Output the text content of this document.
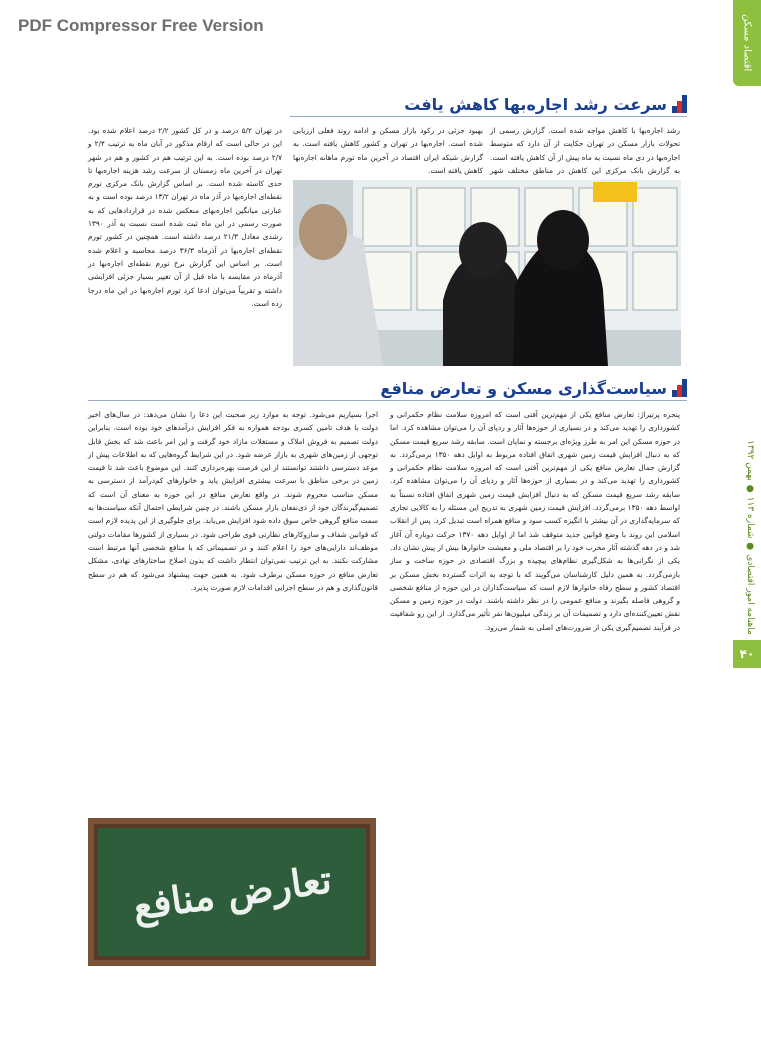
PDF Compressor Free Version	اقتصاد مسکن
ماهنامه امور اقتصادی ● شماره ۱۱۳ ● بهمن ۱۳۹۲
۴۰
سرعت رشد اجاره‌بها کاهش یافت

رشد اجاره‌بها با کاهش مواجه شده است. گزارش رسمی از تحولات بازار مسکن در تهران حکایت از آن دارد که متوسط اجاره‌بها در دی ماه نسبت به ماه پیش از آن کاهش یافته است. به گزارش بانک مرکزی این کاهش در مناطق مختلف شهر

بهبود جزئی در رکود بازار مسکن و ادامه روند فعلی ارزیابی شده است. اجاره‌بها در تهران و کشور کاهش یافته است. به گزارش شبکه ایران اقتصاد در آخرین ماه تورم ماهانه اجاره‌بها کاهش یافته است.

در تهران ۵/۲ درصد و در کل کشور ۲/۲ درصد اعلام شده بود. این در حالی است که ارقام مذکور در آبان ماه به ترتیب ۲/۴ و ۲/۷ درصد بوده است. به این ترتیب هم در کشور و هم در شهر تهران در آخرین ماه زمستان از سرعت رشد هزینه اجاره‌بها تا حدی کاسته شده است. بر اساس گزارش بانک مرکزی تورم نقطه‌ای اجاره‌بها در آذر ماه در تهران ۱۳/۲ درصد بوده است و به عبارتی میانگین اجاره‌بهای منعکس شده در قراردادهایی که به صورت رسمی در این ماه ثبت شده است نسبت به آذر ۱۳۹۰ رشدی معادل ۲۱/۳ درصد داشته است. همچنین در کشور تورم نقطه‌ای اجاره‌بها در آذرماه ۳۶/۳ درصد محاسبه و اعلام شده است. بر اساس این گزارش نرخ تورم نقطه‌ای اجاره‌بها در آذرماه در مقایسه با ماه قبل از آن تغییر بسیار جزئی افزایشی داشته و تقریباً می‌توان ادعا کرد تورم اجاره‌بها در این ماه درجا زده است.

سیاست‌گذاری مسکن و تعارض منافع

پنجره پرتیراژ: تعارض منافع یکی از مهم‌ترین آفتی است که امروزه سلامت نظام حکمرانی و کشورداری را تهدید می‌کند و در بسیاری از حوزه‌ها آثار و ردپای آن را می‌توان مشاهده کرد. اما در حوزه مسکن این امر به طرز ویژه‌ای برجسته و نمایان است. سابقه رشد سریع قیمت مسکن که به دنبال افزایش قیمت زمین شهری اتفاق افتاده مربوط به اوایل دهه ۱۳۵۰ برمی‌گردد. به گزارش جمال تعارض منافع یکی از مهم‌ترین آفتی است که امروزه سلامت نظام حکمرانی و کشورداری را تهدید می‌کند و در بسیاری از حوزه‌ها آثار و ردپای آن را می‌توان مشاهده کرد. سابقه رشد سریع قیمت مسکن که به دنبال افزایش قیمت زمین شهری اتفاق افتاده نسبتاً به اواسط دهه ۱۳۵۰ برمی‌گردد. افزایش قیمت زمین شهری به تدریج این مسئله را به کالایی تجاری که سرمایه‌گذاری در آن بیشتر با انگیزه کسب سود و منافع همراه است تبدیل کرد. پس از انقلاب اسلامی این روند با وضع قوانین جدید متوقف شد اما از اوایل دهه ۱۳۷۰ حرکت دوباره آن آغاز شد و در دهه گذشته آثار مخرب خود را بر اقتصاد ملی و معیشت خانوارها بیش از پیش نشان داد. یکی از نگرانی‌ها به شکل‌گیری نظام‌های پیچیده و بزرگ اقتصادی در حوزه ساخت و ساز بازمی‌گردد. به همین دلیل کارشناسان می‌گویند که با توجه به اثرات گسترده بخش مسکن بر اقتصاد کشور و سطح رفاه خانوارها لازم است که سیاست‌گذاران در این حوزه از منافع شخصی و گروهی فاصله بگیرند و منافع عمومی را در نظر داشته باشند. دولت در حوزه زمین و مسکن نقش تعیین‌کننده‌ای دارد و تصمیمات آن بر زندگی میلیون‌ها نفر تأثیر می‌گذارد. از این رو شفافیت در فرآیند تصمیم‌گیری یکی از ضرورت‌های اصلی به شمار می‌رود.

اجرا بسپاریم می‌شود. توجه به موارد زیر صحبت این دعا را نشان می‌دهد: در سال‌های اخیر دولت با هدف تامین کسری بودجه همواره به فکر افزایش درآمدهای خود بوده است. بنابراین دولت تصمیم به فروش املاک و مستغلات مازاد خود گرفت و این امر باعث شد که بخش قابل توجهی از زمین‌های شهری به بازار عرضه شود. در این شرایط گروه‌هایی که به اطلاعات پیش از موعد دسترسی داشتند توانستند از این فرصت بهره‌برداری کنند. این موضوع باعث شد تا قیمت زمین در برخی مناطق با سرعت بیشتری افزایش یابد و خانوارهای کم‌درآمد از دسترسی به مسکن مناسب محروم شوند. در واقع تعارض منافع در این حوزه به معنای آن است که تصمیم‌گیرندگان خود از ذی‌نفعان بازار مسکن باشند. در چنین شرایطی احتمال آنکه سیاست‌ها به سمت منافع گروهی خاص سوق داده شود افزایش می‌یابد. برای جلوگیری از این پدیده لازم است که قوانین شفاف و سازوکارهای نظارتی قوی طراحی شود. در بسیاری از کشورها مقامات دولتی موظف‌اند دارایی‌های خود را اعلام کنند و در تصمیماتی که با منافع شخصی آنها مرتبط است مشارکت نکنند. به این ترتیب نمی‌توان انتظار داشت که بدون اصلاح ساختارهای نهادی، مشکل تعارض منافع در حوزه مسکن برطرف شود. به همین جهت پیشنهاد می‌شود که هم در سطح قانون‌گذاری و هم در سطح اجرایی اقدامات لازم صورت پذیرد.

تعارض منافع
